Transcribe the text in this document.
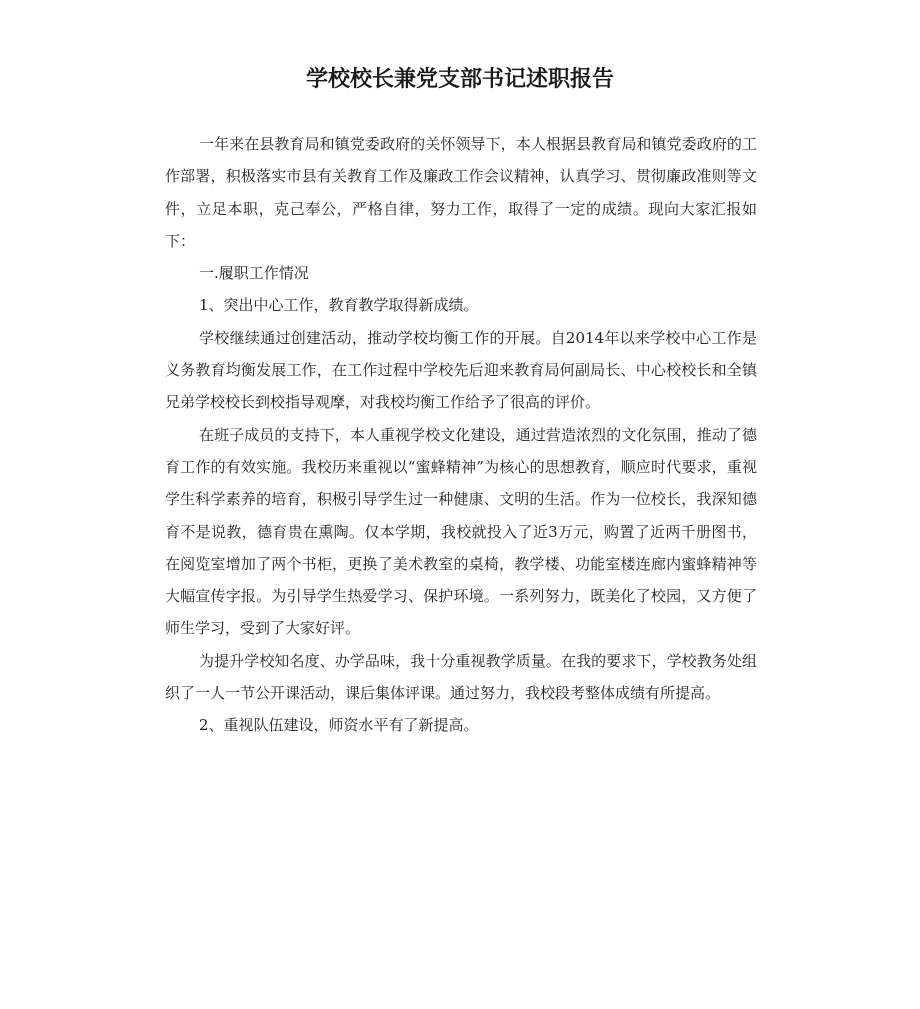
学校校长兼党支部书记述职报告

一年来在县教育局和镇党委政府的关怀领导下，本人根据县教育局和镇党委政府的工作部署，积极落实市县有关教育工作及廉政工作会议精神，认真学习、贯彻廉政准则等文件，立足本职，克己奉公，严格自律，努力工作，取得了一定的成绩。现向大家汇报如下：

一.履职工作情况

1、突出中心工作，教育教学取得新成绩。

学校继续通过创建活动，推动学校均衡工作的开展。自2014年以来学校中心工作是义务教育均衡发展工作，在工作过程中学校先后迎来教育局何副局长、中心校校长和全镇兄弟学校校长到校指导观摩，对我校均衡工作给予了很高的评价。

在班子成员的支持下，本人重视学校文化建设，通过营造浓烈的文化氛围，推动了德育工作的有效实施。我校历来重视以“蜜蜂精神”为核心的思想教育，顺应时代要求，重视学生科学素养的培育，积极引导学生过一种健康、文明的生活。作为一位校长，我深知德育不是说教，德育贵在熏陶。仅本学期，我校就投入了近3万元，购置了近两千册图书，在阅览室增加了两个书柜，更换了美术教室的桌椅，教学楼、功能室楼连廊内蜜蜂精神等大幅宣传字报。为引导学生热爱学习、保护环境。一系列努力，既美化了校园，又方便了师生学习，受到了大家好评。

为提升学校知名度、办学品味，我十分重视教学质量。在我的要求下，学校教务处组织了一人一节公开课活动，课后集体评课。通过努力，我校段考整体成绩有所提高。

2、重视队伍建设，师资水平有了新提高。
